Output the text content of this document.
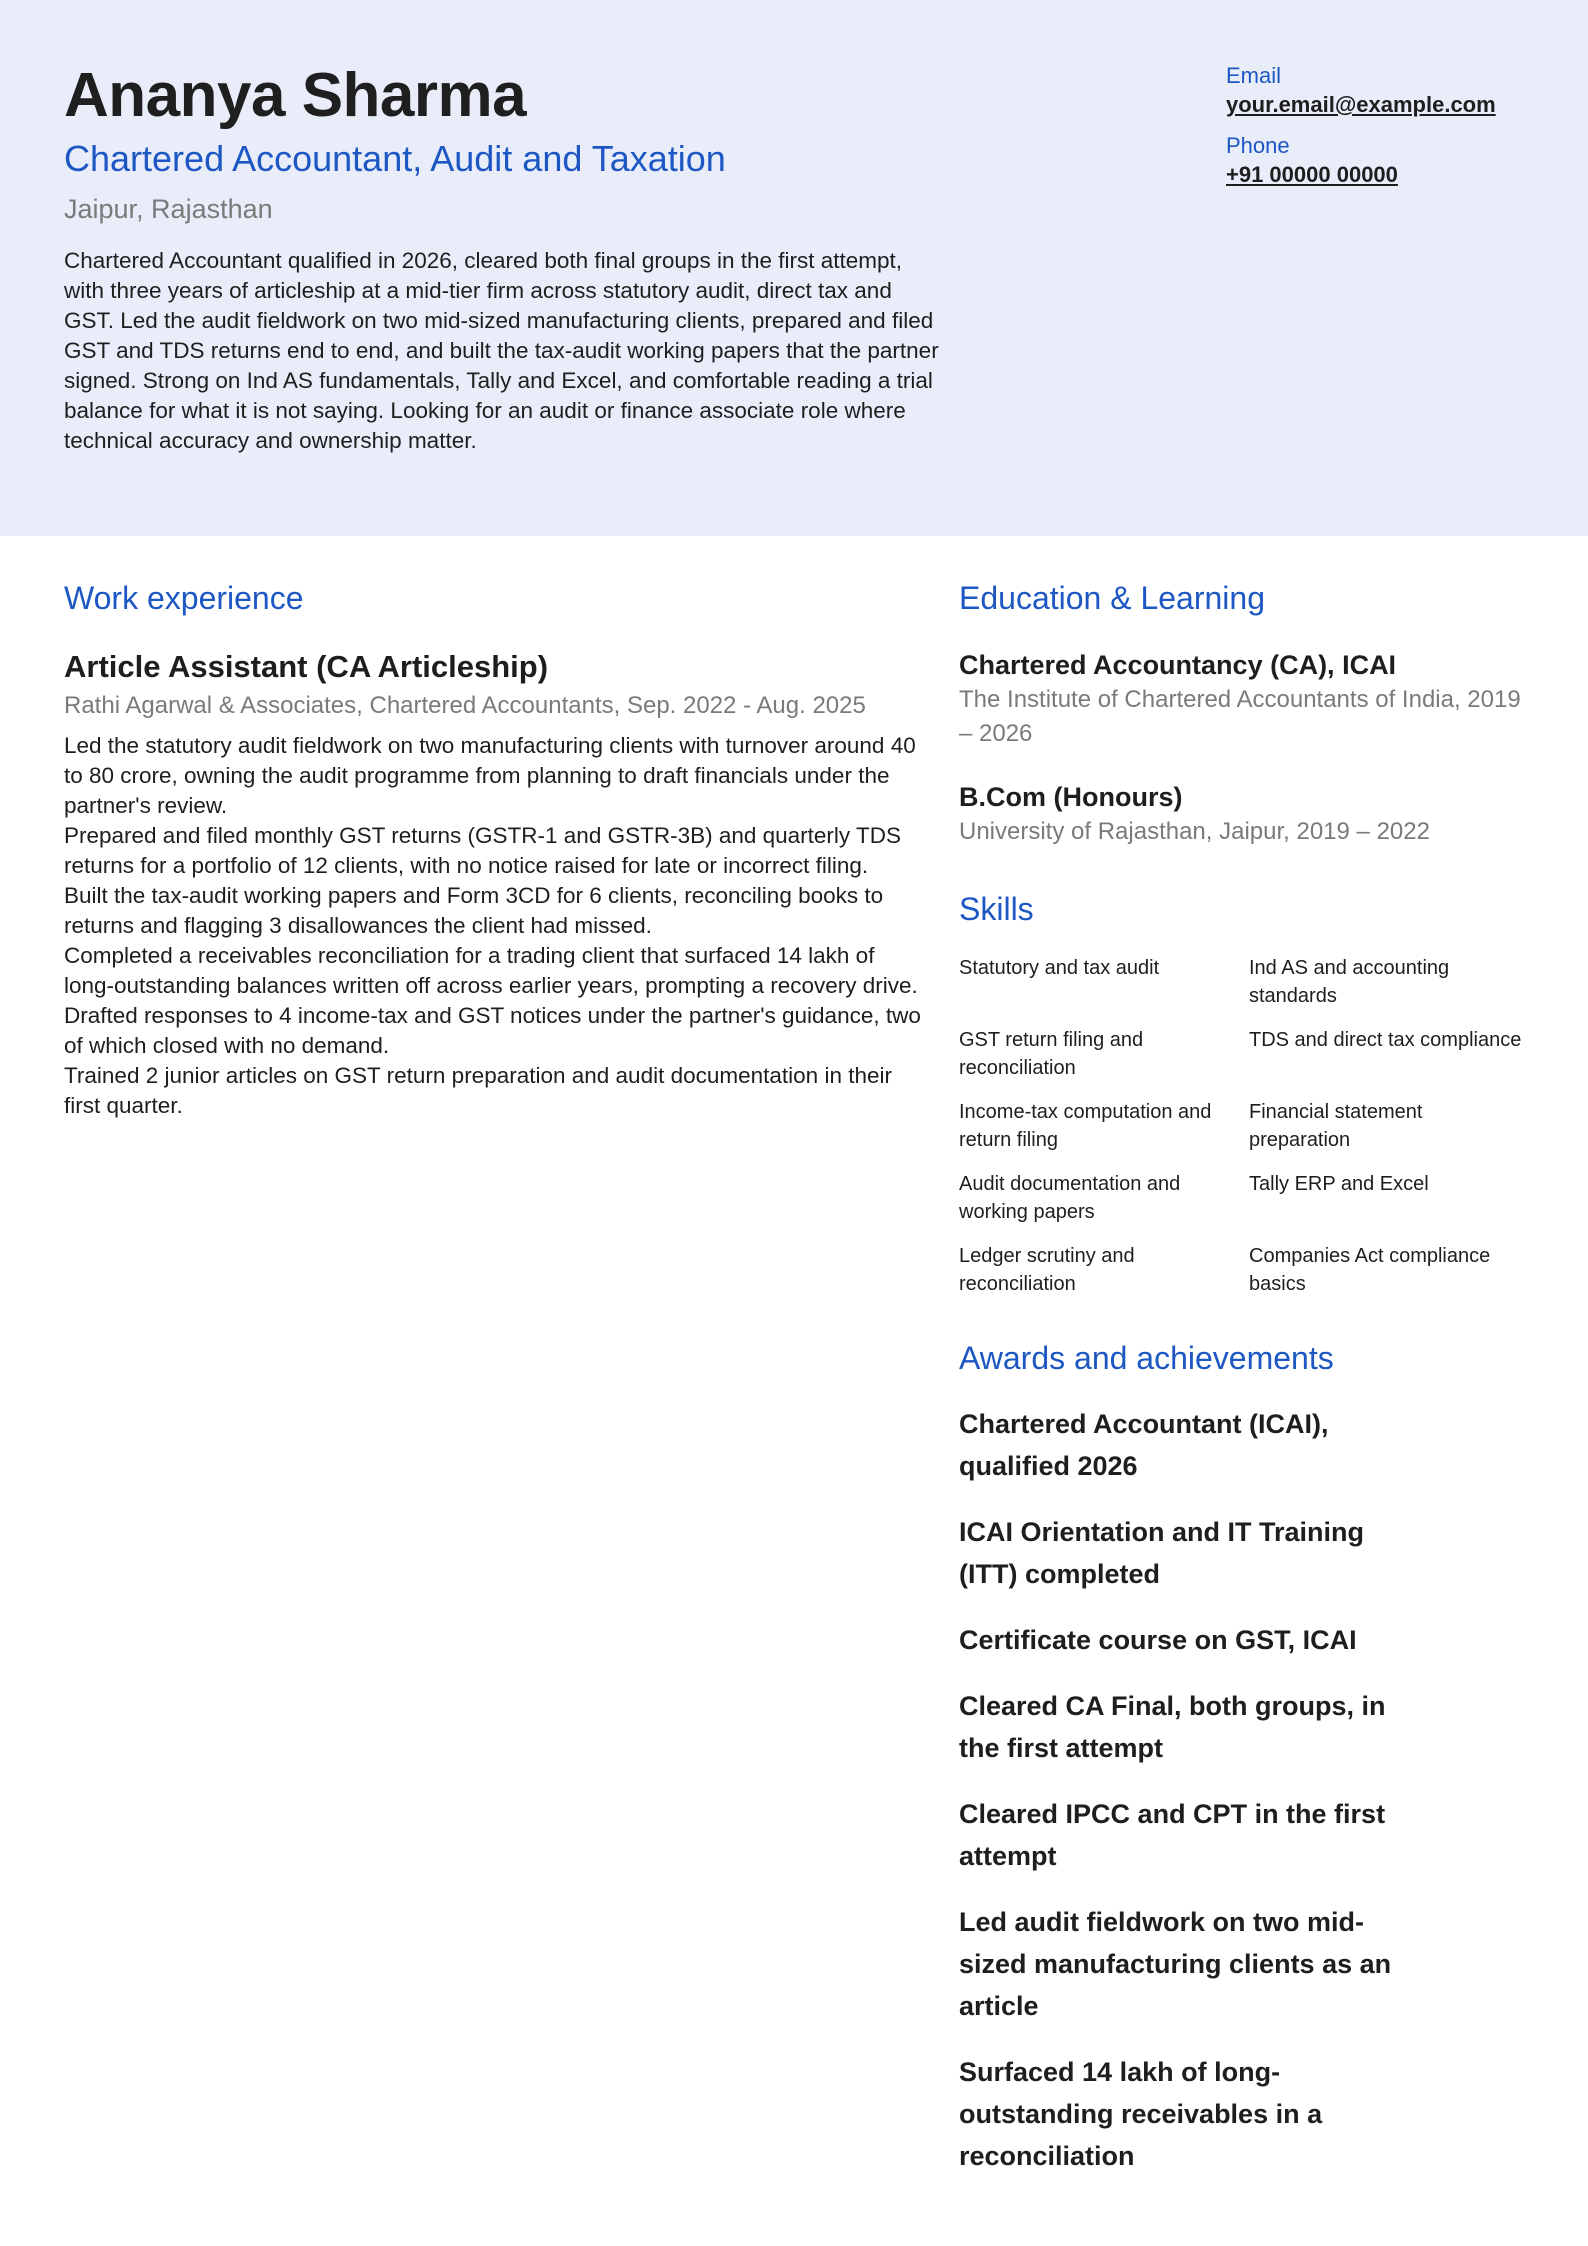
Ananya Sharma
Chartered Accountant, Audit and Taxation
Jaipur, Rajasthan
Chartered Accountant qualified in 2026, cleared both final groups in the first attempt, with three years of articleship at a mid-tier firm across statutory audit, direct tax and GST. Led the audit fieldwork on two mid-sized manufacturing clients, prepared and filed GST and TDS returns end to end, and built the tax-audit working papers that the partner signed. Strong on Ind AS fundamentals, Tally and Excel, and comfortable reading a trial balance for what it is not saying. Looking for an audit or finance associate role where technical accuracy and ownership matter.
Email
your.email@example.com
Phone
+91 00000 00000
Work experience
Article Assistant (CA Articleship)
Rathi Agarwal & Associates, Chartered Accountants, Sep. 2022 - Aug. 2025
Led the statutory audit fieldwork on two manufacturing clients with turnover around 40 to 80 crore, owning the audit programme from planning to draft financials under the partner's review.
Prepared and filed monthly GST returns (GSTR-1 and GSTR-3B) and quarterly TDS returns for a portfolio of 12 clients, with no notice raised for late or incorrect filing.
Built the tax-audit working papers and Form 3CD for 6 clients, reconciling books to returns and flagging 3 disallowances the client had missed.
Completed a receivables reconciliation for a trading client that surfaced 14 lakh of long-outstanding balances written off across earlier years, prompting a recovery drive.
Drafted responses to 4 income-tax and GST notices under the partner's guidance, two of which closed with no demand.
Trained 2 junior articles on GST return preparation and audit documentation in their first quarter.
Education & Learning
Chartered Accountancy (CA), ICAI
The Institute of Chartered Accountants of India, 2019 – 2026
B.Com (Honours)
University of Rajasthan, Jaipur, 2019 – 2022
Skills
Statutory and tax audit	Ind AS and accounting standards
GST return filing and reconciliation
TDS and direct tax compliance
Income-tax computation and return filing
Financial statement preparation
Audit documentation and working papers
Tally ERP and Excel
Ledger scrutiny and reconciliation
Companies Act compliance basics
Awards and achievements
Chartered Accountant (ICAI), qualified 2026
ICAI Orientation and IT Training (ITT) completed
Certificate course on GST, ICAI
Cleared CA Final, both groups, in the first attempt
Cleared IPCC and CPT in the first attempt
Led audit fieldwork on two mid-sized manufacturing clients as an article
Surfaced 14 lakh of long-outstanding receivables in a reconciliation
